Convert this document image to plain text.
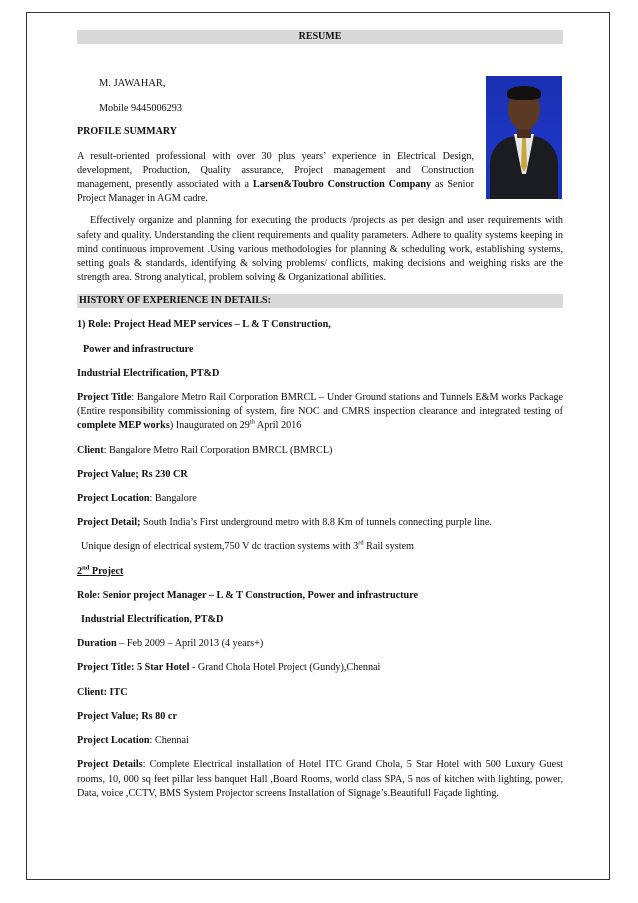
RESUME
M. JAWAHAR,
Mobile 9445006293
PROFILE SUMMARY

A result-oriented professional with over 30 plus years’ experience in Electrical Design, development, Production, Quality assurance, Project management and Construction management, presently associated with a Larsen&Toubro Construction Company as Senior Project Manager in AGM cadre.

Effectively organize and planning for executing the products /projects as per design and user requirements with safety and quality. Understanding the client requirements and quality parameters. Adhere to quality systems keeping in mind continuous improvement .Using various methodologies for planning & scheduling work, establishing systems, setting goals & standards, identifying & solving problems/ conflicts, making decisions and weighing risks are the strength area. Strong analytical, problem solving & Organizational abilities.

HISTORY OF EXPERIENCE IN DETAILS:

1) Role: Project Head MEP services – L & T Construction,

Power and infrastructure

Industrial Electrification, PT&D

Project Title: Bangalore Metro Rail Corporation BMRCL – Under Ground stations and Tunnels E&M works Package (Entire responsibility commissioning of system, fire NOC and CMRS inspection clearance and integrated testing of complete MEP works) Inaugurated on 29th April 2016

Client: Bangalore Metro Rail Corporation BMRCL (BMRCL)

Project Value; Rs 230 CR

Project Location: Bangalore

Project Detail; South India’s First underground metro with 8.8 Km of tunnels connecting purple line.

Unique design of electrical system,750 V dc traction systems with 3rd Rail system

2nd Project

Role: Senior project Manager – L & T Construction, Power and infrastructure

Industrial Electrification, PT&D

Duration – Feb 2009 – April 2013 (4 years+)

Project Title: 5 Star Hotel - Grand Chola Hotel Project (Gundy),Chennai

Client: ITC

Project Value; Rs 80 cr

Project Location: Chennai

Project Details: Complete Electrical installation of Hotel ITC Grand Chola, 5 Star Hotel with 500 Luxury Guest rooms, 10, 000 sq feet pillar less banquet Hall ,Board Rooms, world class SPA, 5 nos of kitchen with lighting, power, Data, voice ,CCTV, BMS System Projector screens Installation of Signage’s.Beautifull Façade lighting.
